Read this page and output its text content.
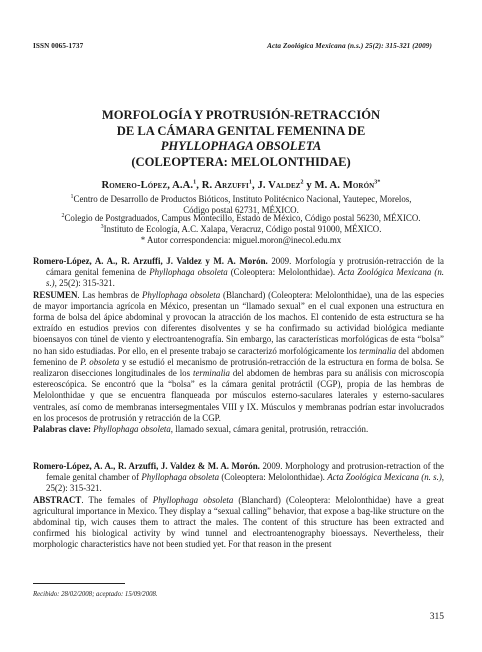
ISSN 0065-1737	Acta Zoológica Mexicana (n.s.) 25(2): 315-321 (2009)
MORFOLOGÍA Y PROTRUSIÓN-RETRACCIÓN
DE LA CÁMARA GENITAL FEMENINA DE
PHYLLOPHAGA OBSOLETA
(COLEOPTERA: MELOLONTHIDAE)
Romero-López, A.A.$^1$, R. Arzuffi$^1$, J. Valdez$^2$ y M. A. Morón$^{3*}$
$^1$Centro de Desarrollo de Productos Bióticos, Instituto Politécnico Nacional, Yautepec, Morelos,
Código postal 62731, MÉXICO.
$^2$Colegio de Postgraduados, Campus Montecillo, Estado de México, Código postal 56230, MÉXICO.
$^3$Instituto de Ecología, A.C. Xalapa, Veracruz, Código postal 91000, MÉXICO.
* Autor correspondencia: miguel.moron@inecol.edu.mx

Romero-López, A. A., R. Arzuffi, J. Valdez y M. A. Morón. 2009. Morfología y protrusión-retracción de la cámara genital femenina de Phyllophaga obsoleta (Coleoptera: Melolonthidae). Acta Zoológica Mexicana (n. s.), 25(2): 315-321.

RESUMEN. Las hembras de Phyllophaga obsoleta (Blanchard) (Coleoptera: Melolonthidae), una de las especies de mayor importancia agrícola en México, presentan un “llamado sexual” en el cual exponen una estructura en forma de bolsa del ápice abdominal y provocan la atracción de los machos. El contenido de esta estructura se ha extraído en estudios previos con diferentes disolventes y se ha confirmado su actividad biológica mediante bioensayos con túnel de viento y electroantenografía. Sin embargo, las características morfológicas de esta “bolsa” no han sido estudiadas. Por ello, en el presente trabajo se caracterizó morfológicamente los terminalia del abdomen femenino de P. obsoleta y se estudió el mecanismo de protrusión-retracción de la estructura en forma de bolsa. Se realizaron disecciones longitudinales de los terminalia del abdomen de hembras para su análisis con microscopía estereoscópica. Se encontró que la “bolsa” es la cámara genital protráctil (CGP), propia de las hembras de Melolonthidae y que se encuentra flanqueada por músculos esterno-saculares laterales y esterno-saculares ventrales, así como de membranas intersegmentales VIII y IX. Músculos y membranas podrían estar involucrados en los procesos de protrusión y retracción de la CGP.

Palabras clave: Phyllophaga obsoleta, llamado sexual, cámara genital, protrusión, retracción.

Romero-López, A. A., R. Arzuffi, J. Valdez & M. A. Morón. 2009. Morphology and protrusion-retraction of the female genital chamber of Phyllophaga obsoleta (Coleoptera: Melolonthidae). Acta Zoológica Mexicana (n. s.), 25(2): 315-321.

ABSTRACT. The females of Phyllophaga obsoleta (Blanchard) (Coleoptera: Melolonthidae) have a great agricultural importance in Mexico. They display a “sexual calling” behavior, that expose a bag-like structure on the abdominal tip, wich causes them to attract the males. The content of this structure has been extracted and confirmed his biological activity by wind tunnel and electroantenography bioessays. Nevertheless, their morphologic characteristics have not been studied yet. For that reason in the present

Recibido: 28/02/2008; aceptado: 15/09/2008.
315
